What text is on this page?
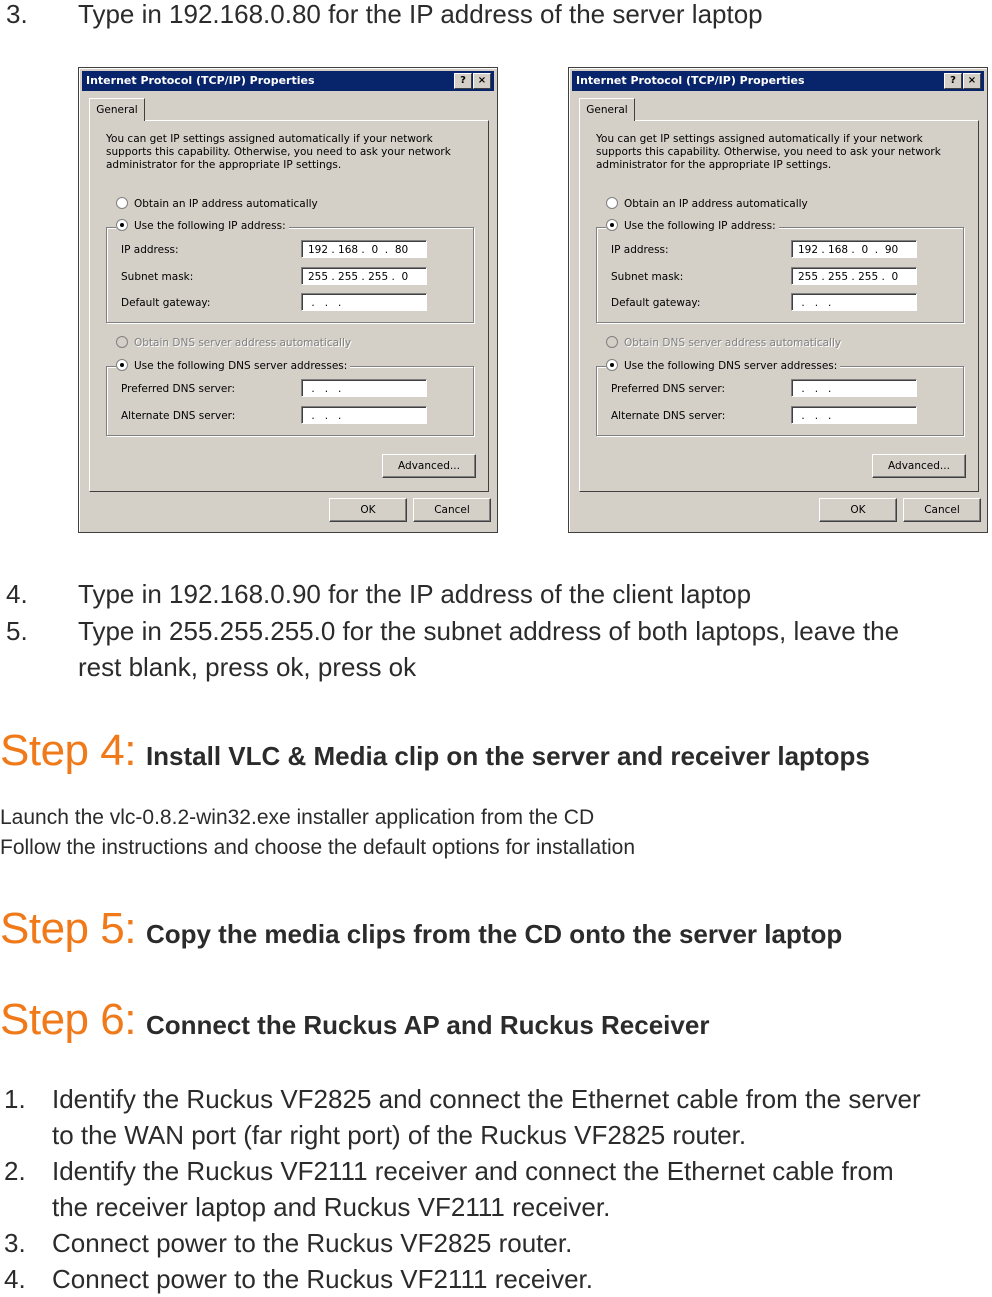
3. Type in 192.168.0.80 for the IP address of the server laptop
Internet Protocol (TCP/IP) Properties	?	×
General
You can get IP settings assigned automatically if your network supports this capability. Otherwise, you need to ask your network administrator for the appropriate IP settings.
Obtain an IP address automatically
IP address:	192 . 168 .  0  .  80
Subnet mask:	255 . 255 . 255 .  0
Default gateway:	.   .   .
Use the following IP address:
Obtain DNS server address automatically
Preferred DNS server:	.   .   .
Alternate DNS server:	.   .   .
Use the following DNS server addresses:
Advanced...
OK	Cancel
Internet Protocol (TCP/IP) Properties	?	×
General
You can get IP settings assigned automatically if your network supports this capability. Otherwise, you need to ask your network administrator for the appropriate IP settings.
Obtain an IP address automatically
IP address:	192 . 168 .  0  .  90
Subnet mask:	255 . 255 . 255 .  0
Default gateway:	.   .   .
Use the following IP address:
Obtain DNS server address automatically
Preferred DNS server:	.   .   .
Alternate DNS server:	.   .   .
Use the following DNS server addresses:
Advanced...
OK	Cancel
4. Type in 192.168.0.90 for the IP address of the client laptop
5. Type in 255.255.255.0 for the subnet address of both laptops, leave the
rest blank, press ok, press ok
Step 4: Install VLC & Media clip on the server and receiver laptops
Launch the vlc-0.8.2-win32.exe installer application from the CD
Follow the instructions and choose the default options for installation
Step 5: Copy the media clips from the CD onto the server laptop
Step 6: Connect the Ruckus AP and Ruckus Receiver
1. Identify the Ruckus VF2825 and connect the Ethernet cable from the server
to the WAN port (far right port) of the Ruckus VF2825 router.
2. Identify the Ruckus VF2111 receiver and connect the Ethernet cable from
the receiver laptop and Ruckus VF2111 receiver.
3. Connect power to the Ruckus VF2825 router.
4. Connect power to the Ruckus VF2111 receiver.
